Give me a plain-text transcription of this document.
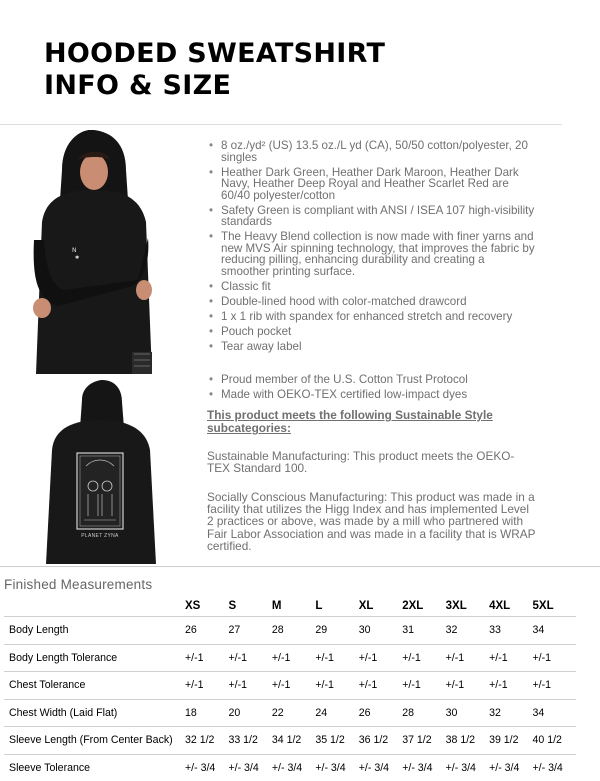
HOODED SWEATSHIRT
INFO & SIZE
N
✱
PLANET ZYNA
• 8 oz./yd² (US) 13.5 oz./L yd (CA), 50/50 cotton/polyester, 20 singles
• Heather Dark Green, Heather Dark Maroon, Heather Dark Navy, Heather Deep Royal and Heather Scarlet Red are 60/40 polyester/cotton
• Safety Green is compliant with ANSI / ISEA 107 high-visibility standards
• The Heavy Blend collection is now made with finer yarns and new MVS Air spinning technology, that improves the fabric by reducing pilling, enhancing durability and creating a smoother printing surface.
• Classic fit
• Double-lined hood with color-matched drawcord
• 1 x 1 rib with spandex for enhanced stretch and recovery
• Pouch pocket
• Tear away label
• Proud member of the U.S. Cotton Trust Protocol
• Made with OEKO-TEX certified low-impact dyes

This product meets the following Sustainable Style subcategories:

Sustainable Manufacturing: This product meets the OEKO-TEX Standard 100.

Socially Conscious Manufacturing: This product was made in a facility that utilizes the Higg Index and has implemented Level 2 practices or above, was made by a mill who partnered with Fair Labor Association and was made in a facility that is WRAP certified.

Finished Measurements

	XS	S	M	L	XL	2XL	3XL	4XL	5XL
Body Length	26	27	28	29	30	31	32	33	34
Body Length Tolerance	+/-1	+/-1	+/-1	+/-1	+/-1	+/-1	+/-1	+/-1	+/-1
Chest Tolerance	+/-1	+/-1	+/-1	+/-1	+/-1	+/-1	+/-1	+/-1	+/-1
Chest Width (Laid Flat)	18	20	22	24	26	28	30	32	34
Sleeve Length (From Center Back)	32 1/2	33 1/2	34 1/2	35 1/2	36 1/2	37 1/2	38 1/2	39 1/2	40 1/2
Sleeve Tolerance	+/- 3/4	+/- 3/4	+/- 3/4	+/- 3/4	+/- 3/4	+/- 3/4	+/- 3/4	+/- 3/4	+/- 3/4
